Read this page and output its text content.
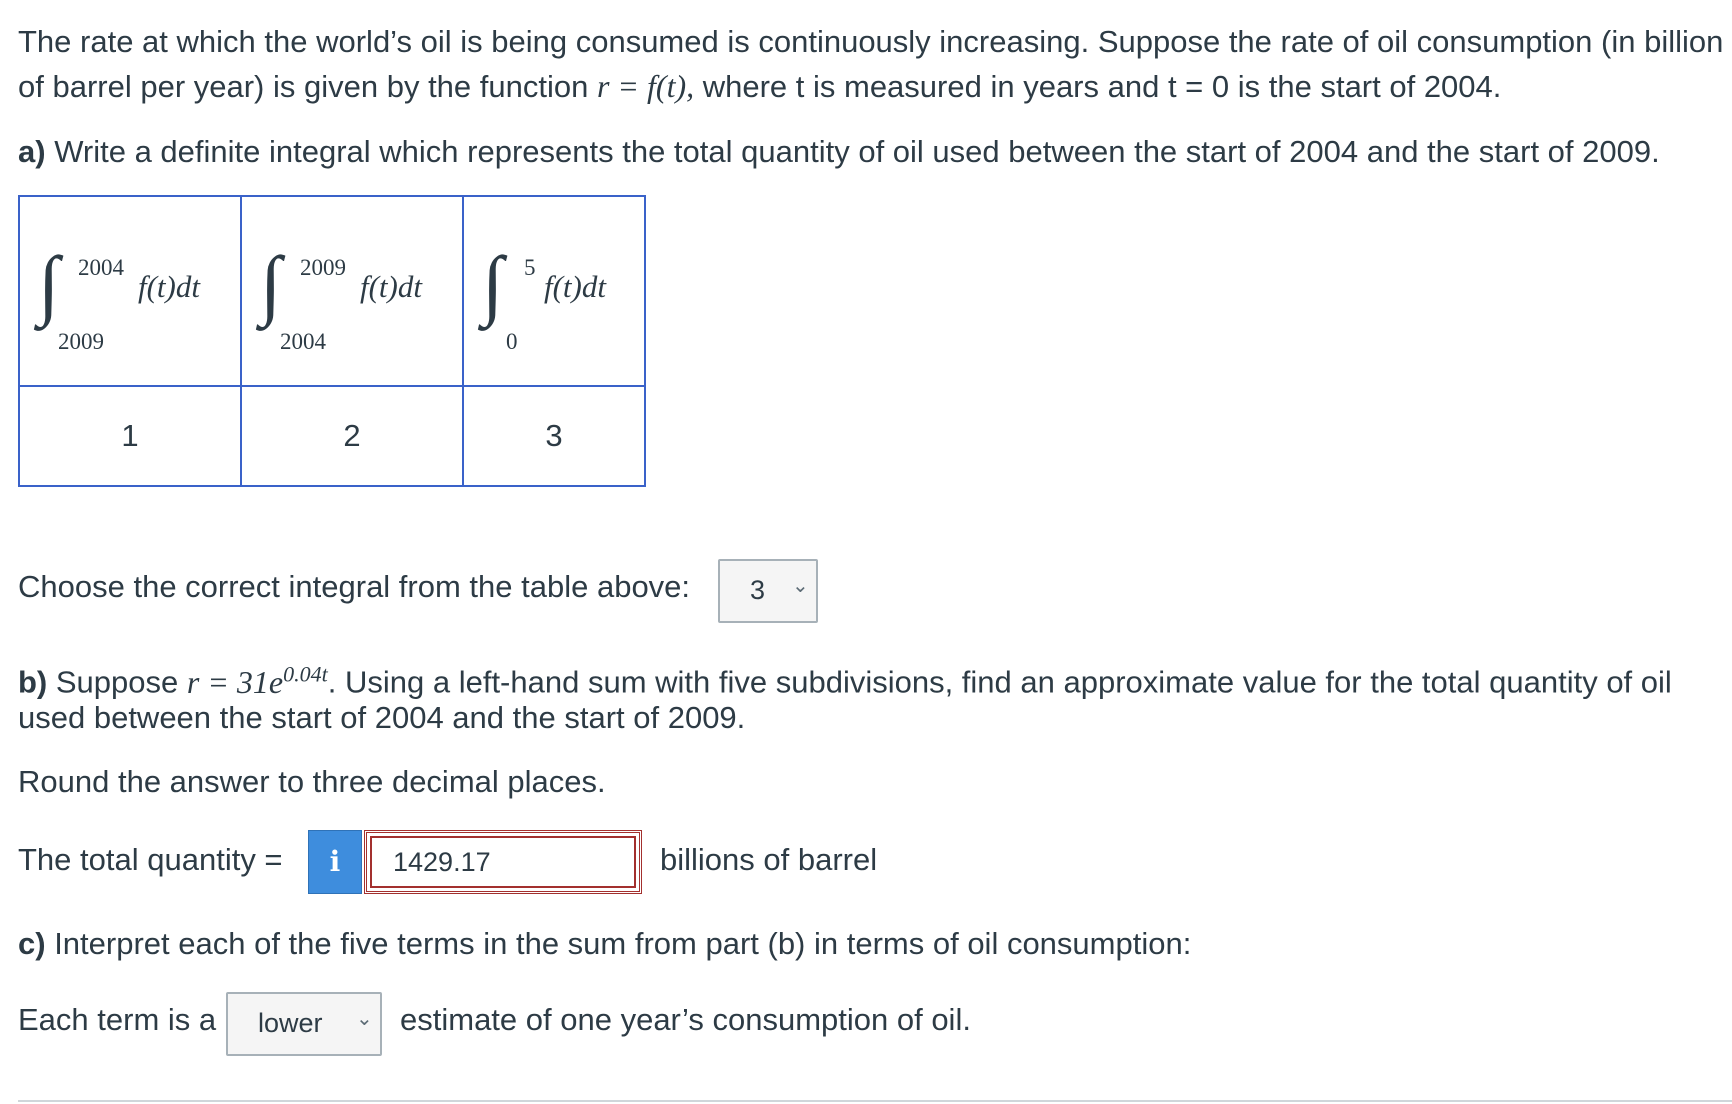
The rate at which the world’s oil is being consumed is continuously increasing. Suppose the rate of oil consumption (in billion
of barrel per year) is given by the function r = f(t), where t is measured in years and t = 0 is the start of 2004.
a) Write a definite integral which represents the total quantity of oil used between the start of 2004 and the start of 2009.
∫ 2004
2009
f(t)dt	∫ 2009
2004
f(t)dt	∫ 5
0
f(t)dt

1	2	3
Choose the correct integral from the table above: 3 ⌄
b) Suppose $r = 31e^{0.04t}$. Using a left-hand sum with five subdivisions, find an approximate value for the total quantity of oil
used between the start of 2004 and the start of 2009.
Round the answer to three decimal places.
The total quantity =	i	1429.17	billions of barrel
c) Interpret each of the five terms in the sum from part (b) in terms of oil consumption:
Each term is a lower ⌄ estimate of one year’s consumption of oil.
